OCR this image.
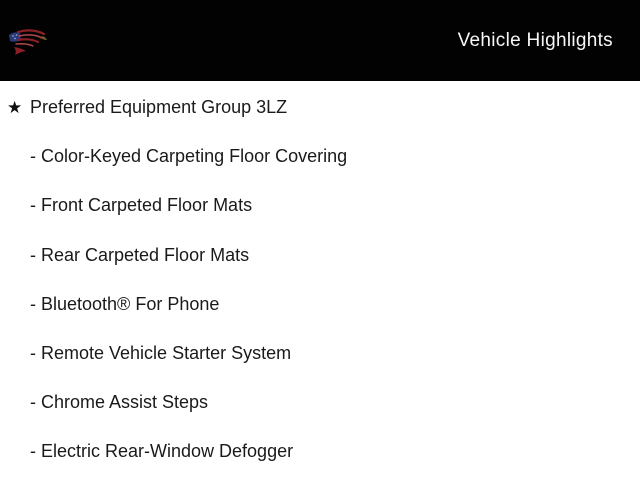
Vehicle Highlights
★ Preferred Equipment Group 3LZ
- Color-Keyed Carpeting Floor Covering
- Front Carpeted Floor Mats
- Rear Carpeted Floor Mats
- Bluetooth® For Phone
- Remote Vehicle Starter System
- Chrome Assist Steps
- Electric Rear-Window Defogger
